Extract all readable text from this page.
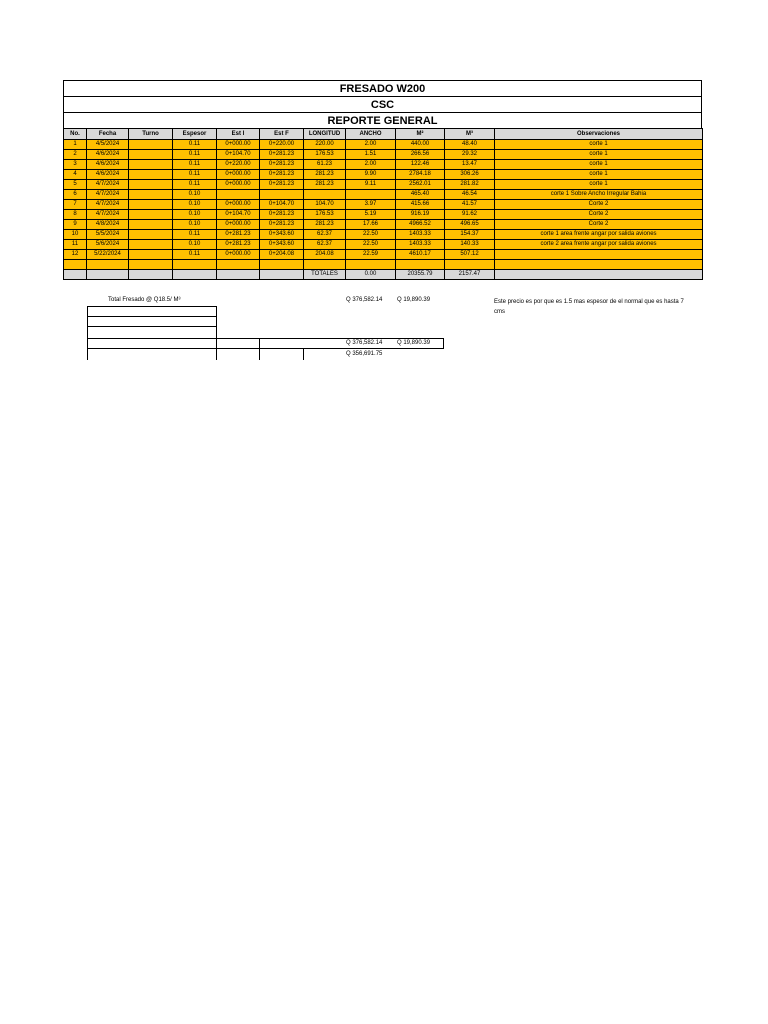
FRESADO W200
CSC
REPORTE GENERAL
No.	Fecha	Turno	Espesor	Est I	Est F	LONGITUD	ANCHO	M²	M³	Observaciones
1	4/5/2024		0.11	0+000.00	0+220.00	220.00	2.00	440.00	48.40	corte 1
2	4/6/2024		0.11	0+104.70	0+281.23	176.53	1.51	266.56	29.32	corte 1
3	4/6/2024		0.11	0+220.00	0+281.23	61.23	2.00	122.46	13.47	corte 1
4	4/6/2024		0.11	0+000.00	0+281.23	281.23	9.90	2784.18	306.26	corte 1
5	4/7/2024		0.11	0+000.00	0+281.23	281.23	9.11	2562.01	281.82	corte 1
6	4/7/2024		0.10					465.40	46.54	corte 1 Sobre Ancho Irregular Bahia
7	4/7/2024		0.10	0+000.00	0+104.70	104.70	3.97	415.66	41.57	Corte 2
8	4/7/2024		0.10	0+104.70	0+281.23	176.53	5.19	916.19	91.62	Corte 2
9	4/8/2024		0.10	0+000.00	0+281.23	281.23	17.66	4966.52	496.65	Corte 2
10	5/5/2024		0.11	0+281.23	0+343.60	62.37	22.50	1403.33	154.37	corte 1 area frente angar por salida aviones
11	5/6/2024		0.10	0+281.23	0+343.60	62.37	22.50	1403.33	140.33	corte 2 area frente angar por salida aviones
12	5/22/2024		0.11	0+000.00	0+204.08	204.08	22.59	4610.17	507.12	

						TOTALES	0.00	20355.79	2157.47	
Total Fresado @ Q18.5/ M³	Q 376,582.14 Q 19,890.39	Este precio es por que es 1.5 mas espesor de el normal que es hasta 7 cms
Q 376,582.14 Q 19,890.39
Q 356,691.75
